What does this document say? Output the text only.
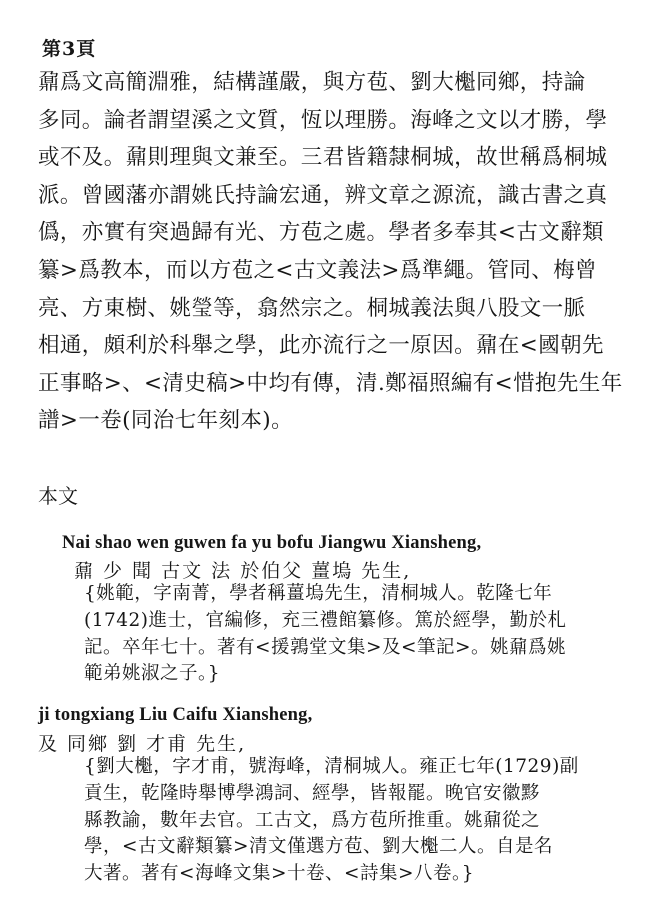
第3頁
鼐爲文高簡淵雅，結構謹嚴，與方苞、劉大櫆同鄉，持論
多同。論者謂望溪之文質，恆以理勝。海峰之文以才勝，學
或不及。鼐則理與文兼至。三君皆籍隸桐城，故世稱爲桐城
派。曾國藩亦謂姚氏持論宏通，辨文章之源流，識古書之真
僞，亦實有突過歸有光、方苞之處。學者多奉其<古文辭類
纂>爲教本，而以方苞之<古文義法>爲準繩。管同、梅曾
亮、方東樹、姚瑩等，翕然宗之。桐城義法與八股文一脈
相通，頗利於科舉之學，此亦流行之一原因。鼐在<國朝先
正事略>、<清史稿>中均有傳，清.鄭福照編有<惜抱先生年
譜>一卷(同治七年刻本)。
本文
Nai shao wen guwen fa yu bofu Jiangwu Xiansheng,
鼐 少 聞 古文 法 於伯父 薑塢 先生,
{姚範，字南菁，學者稱薑塢先生，清桐城人。乾隆七年
(1742)進士，官編修，充三禮館纂修。篤於經學，勤於札
記。卒年七十。著有<援鶉堂文集>及<筆記>。姚鼐爲姚
範弟姚淑之子。}
ji tongxiang Liu Caifu Xiansheng,
及 同鄉 劉 才甫 先生,
{劉大櫆，字才甫，號海峰，清桐城人。雍正七年(1729)副
貢生，乾隆時舉博學鴻詞、經學，皆報罷。晚官安徽黟
縣教諭，數年去官。工古文，爲方苞所推重。姚鼐從之
學，<古文辭類纂>清文僅選方苞、劉大櫆二人。自是名
大著。著有<海峰文集>十卷、<詩集>八卷。}
